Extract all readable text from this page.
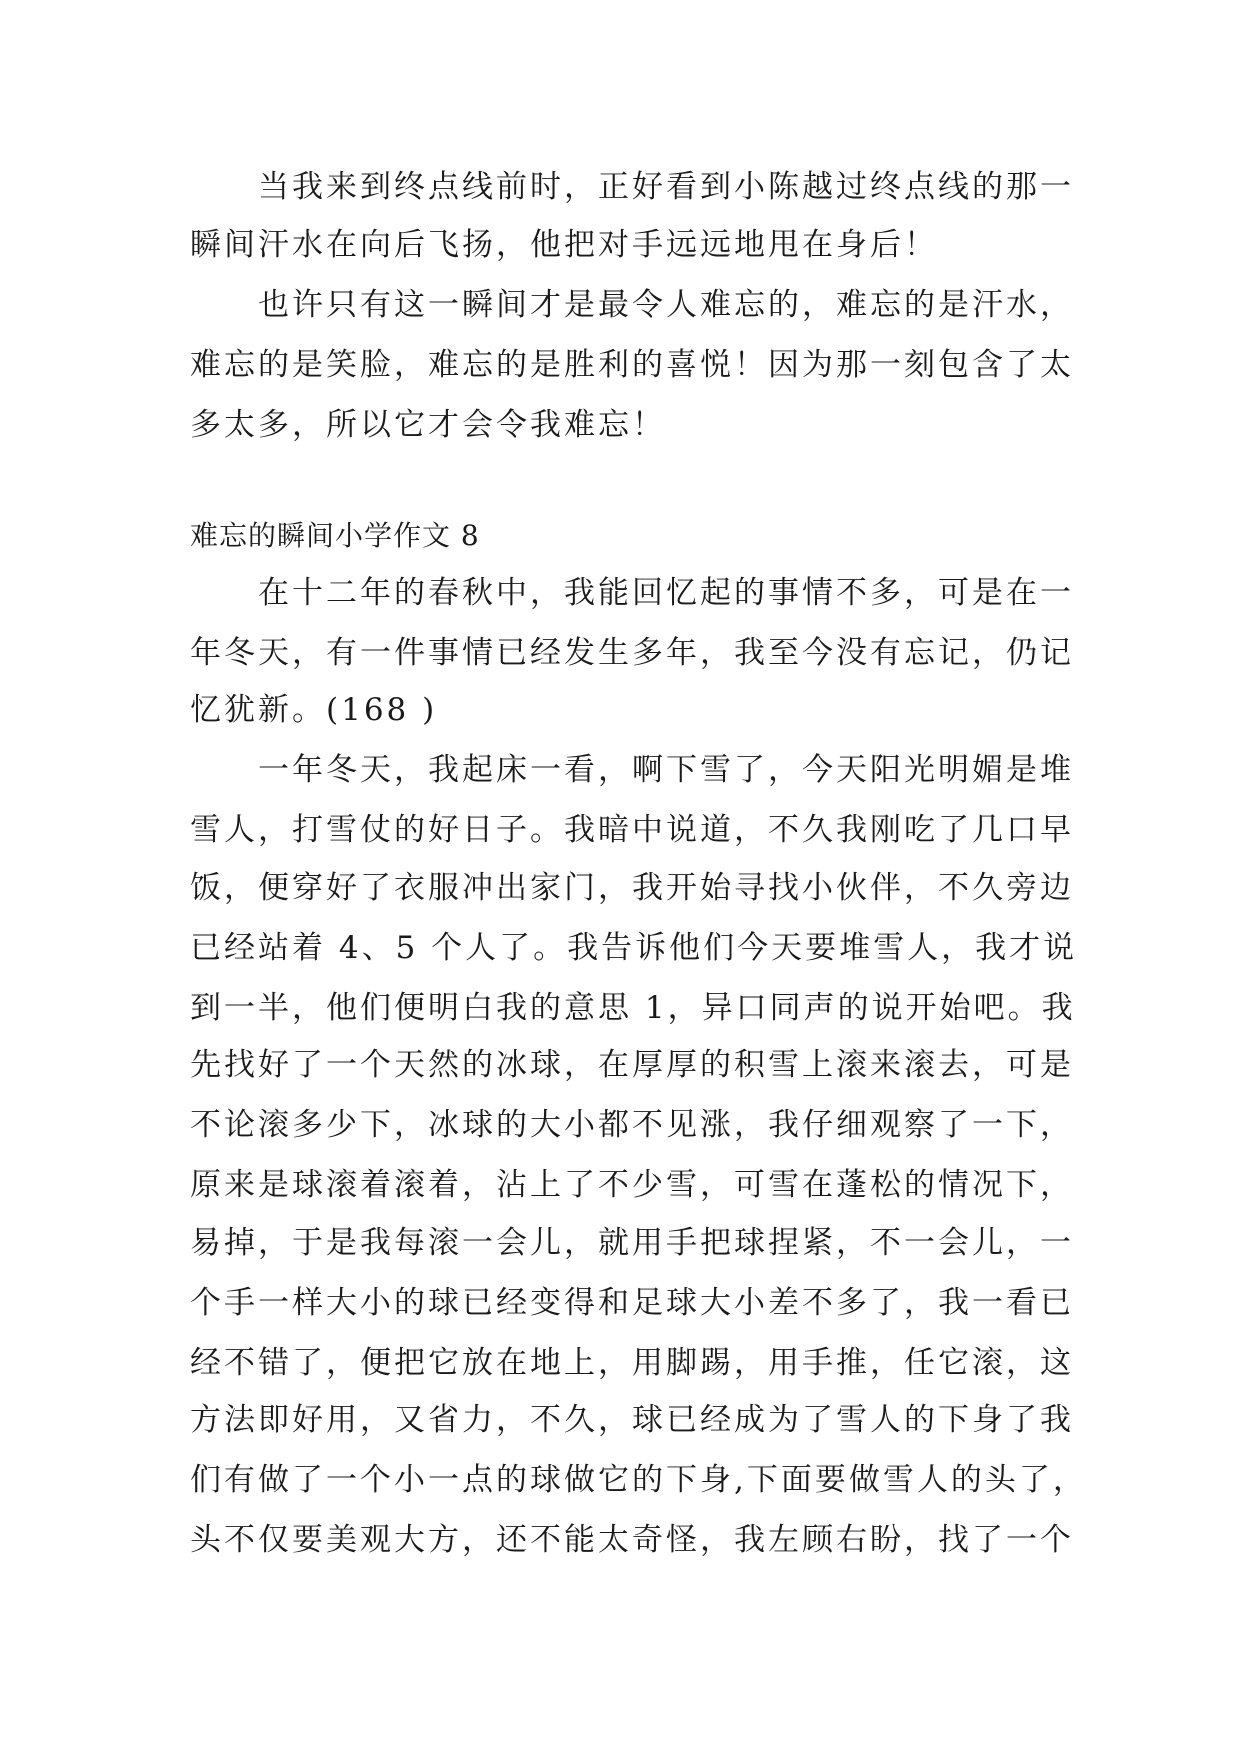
当我来到终点线前时，正好看到小陈越过终点线的那一
瞬间汗水在向后飞扬，他把对手远远地甩在身后！
也许只有这一瞬间才是最令人难忘的，难忘的是汗水，
难忘的是笑脸，难忘的是胜利的喜悦！因为那一刻包含了太
多太多，所以它才会令我难忘！
难忘的瞬间小学作文 8
在十二年的春秋中，我能回忆起的事情不多，可是在一
年冬天，有一件事情已经发生多年，我至今没有忘记，仍记
忆犹新。(168 )
一年冬天，我起床一看，啊下雪了，今天阳光明媚是堆
雪人，打雪仗的好日子。我暗中说道，不久我刚吃了几口早
饭，便穿好了衣服冲出家门，我开始寻找小伙伴，不久旁边
已经站着 4、5 个人了。我告诉他们今天要堆雪人，我才说
到一半，他们便明白我的意思 1，异口同声的说开始吧。我
先找好了一个天然的冰球，在厚厚的积雪上滚来滚去，可是
不论滚多少下，冰球的大小都不见涨，我仔细观察了一下，
原来是球滚着滚着，沾上了不少雪，可雪在蓬松的情况下，
易掉，于是我每滚一会儿，就用手把球捏紧，不一会儿，一
个手一样大小的球已经变得和足球大小差不多了，我一看已
经不错了，便把它放在地上，用脚踢，用手推，任它滚，这
方法即好用，又省力，不久，球已经成为了雪人的下身了我
们有做了一个小一点的球做它的下身,下面要做雪人的头了，
头不仅要美观大方，还不能太奇怪，我左顾右盼，找了一个
